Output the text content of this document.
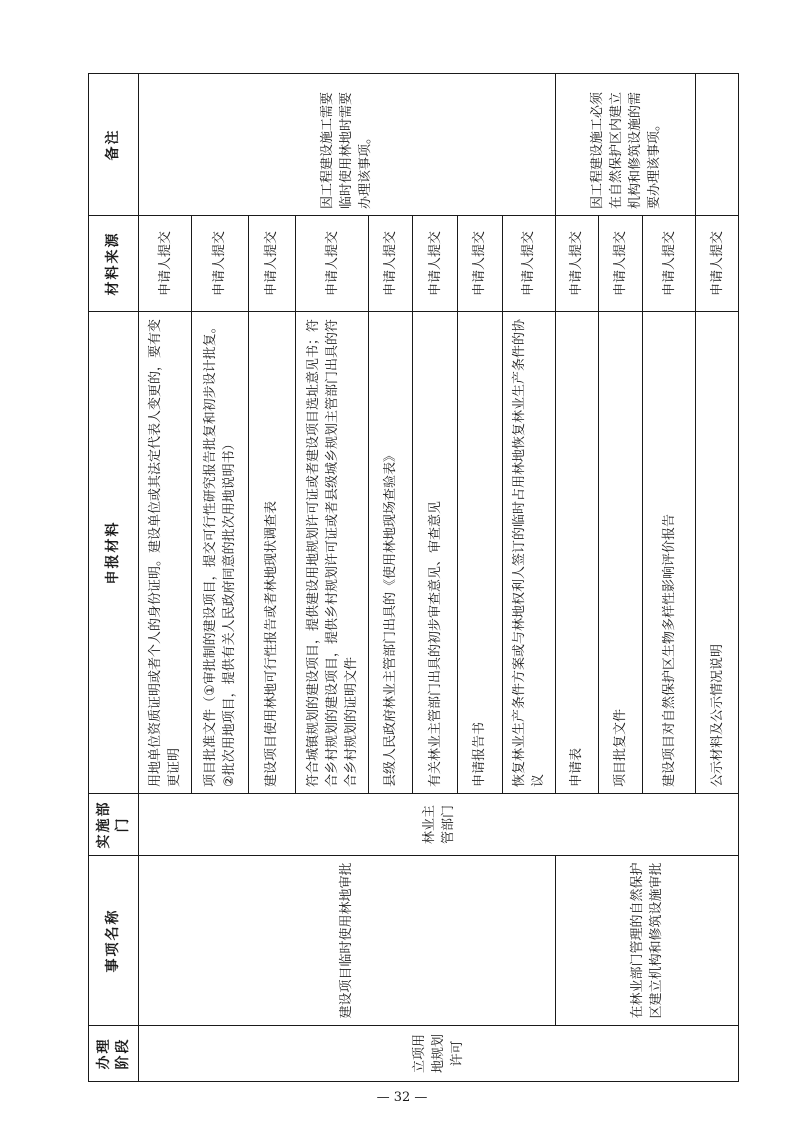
办理阶段	事项名称	实施部门	申报材料	材料来源	备注
立项用地规划许可	建设项目临时使用林地审批	林业主管部门	用地单位资质证明或者个人的身份证明。建设单位或其法定代表人变更的，要有变更证明	申请人提交	因工程建设施工需要临时使用林地时需要办理该事项。
			项目批准文件（①审批制的建设项目，提交可行性研究报告批复和初步设计批复。②批次用地项目，提供有关人民政府同意的批次用地说明书）	申请人提交	
			建设项目使用林地可行性报告或者林地现状调查表	申请人提交	
			符合城镇规划的建设项目，提供建设用地规划许可证或者建设项目选址意见书；符合乡村规划的建设项目，提供乡村规划许可证或者县级城乡规划主管部门出具的符合乡村规划的证明文件	申请人提交	
			县级人民政府林业主管部门出具的《使用林地现场查验表》	申请人提交	
			有关林业主管部门出具的初步审查意见、审查意见	申请人提交	
			申请报告书	申请人提交	
			恢复林业生产条件方案或与林地权利人签订的临时占用林地恢复林业生产条件的协议	申请人提交	
	在林业部门管理的自然保护区建立机构和修筑设施审批		申请表	申请人提交	因工程建设施工必须在自然保护区内建立机构和修筑设施的需要办理该事项。
			项目批复文件	申请人提交	
			建设项目对自然保护区生物多样性影响评价报告	申请人提交	
			公示材料及公示情况说明	申请人提交	
— 32 —
